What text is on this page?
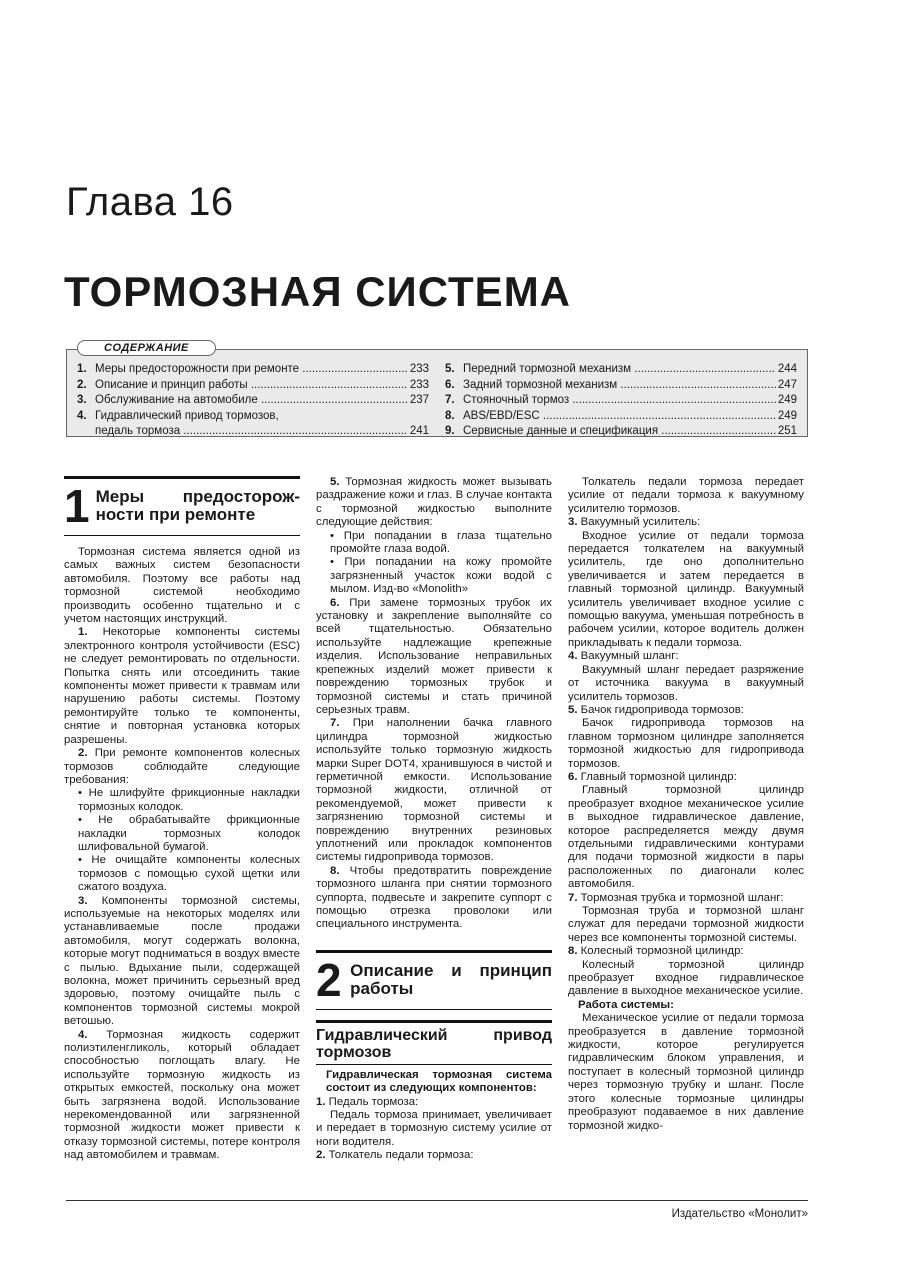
Глава 16
ТОРМОЗНАЯ СИСТЕМА
СОДЕРЖАНИЕ
1. Меры предосторожности при ремонте .....	233
2. Описание и принцип работы .....	233
3. Обслуживание на автомобиле .....	237
4. Гидравлический привод тормозов,
педаль тормоза .....	241
5. Передний тормозной механизм .....	244
6. Задний тормозной механизм .....	247
7. Стояночный тормоз .....	249
8. ABS/EBD/ESC .....	249
9. Сервисные данные и спецификация .....	251
1 Меры предосторож-ности при ремонте

Тормозная система является одной из самых важных систем безопасности автомобиля. Поэтому все работы над тормозной системой необходимо производить особенно тщательно и с учетом настоящих инструкций.

1. Некоторые компоненты системы электронного контроля устойчивости (ESC) не следует ремонтировать по отдельности. Попытка снять или отсоединить такие компоненты может привести к травмам или нарушению работы системы. Поэтому ремонтируйте только те компоненты, снятие и повторная установка которых разрешены.

2. При ремонте компонентов колесных тормозов соблюдайте следующие требования:

• Не шлифуйте фрикционные накладки тормозных колодок.

• Не обрабатывайте фрикционные накладки тормозных колодок шлифовальной бумагой.

• Не очищайте компоненты колесных тормозов с помощью сухой щетки или сжатого воздуха.

3. Компоненты тормозной системы, используемые на некоторых моделях или устанавливаемые после продажи автомобиля, могут содержать волокна, которые могут подниматься в воздух вместе с пылью. Вдыхание пыли, содержащей волокна, может причинить серьезный вред здоровью, поэтому очищайте пыль с компонентов тормозной системы мокрой ветошью.

4. Тормозная жидкость содержит полиэтиленгликоль, который обладает способностью поглощать влагу. Не используйте тормозную жидкость из открытых емкостей, поскольку она может быть загрязнена водой. Использование нерекомендованной или загрязненной тормозной жидкости может привести к отказу тормозной системы, потере контроля над автомобилем и травмам.

5. Тормозная жидкость может вызывать раздражение кожи и глаз. В случае контакта с тормозной жидкостью выполните следующие действия:

• При попадании в глаза тщательно промойте глаза водой.

• При попадании на кожу промойте загрязненный участок кожи водой с мылом. Изд-во «Monolith»

6. При замене тормозных трубок их установку и закрепление выполняйте со всей тщательностью. Обязательно используйте надлежащие крепежные изделия. Использование неправильных крепежных изделий может привести к повреждению тормозных трубок и тормозной системы и стать причиной серьезных травм.

7. При наполнении бачка главного цилиндра тормозной жидкостью используйте только тормозную жидкость марки Super DOT4, хранившуюся в чистой и герметичной емкости. Использование тормозной жидкости, отличной от рекомендуемой, может привести к загрязнению тормозной системы и повреждению внутренних резиновых уплотнений или прокладок компонентов системы гидропривода тормозов.

8. Чтобы предотвратить повреждение тормозного шланга при снятии тормозного суппорта, подвесьте и закрепите суппорт с помощью отрезка проволоки или специального инструмента.

2 Описание и принцип работы
Гидравлический привод тормозов

Гидравлическая тормозная система состоит из следующих компонентов:

1. Педаль тормоза:

Педаль тормоза принимает, увеличивает и передает в тормозную систему усилие от ноги водителя.

2. Толкатель педали тормоза:

Толкатель педали тормоза передает усилие от педали тормоза к вакуумному усилителю тормозов.

3. Вакуумный усилитель:

Входное усилие от педали тормоза передается толкателем на вакуумный усилитель, где оно дополнительно увеличивается и затем передается в главный тормозной цилиндр. Вакуумный усилитель увеличивает входное усилие с помощью вакуума, уменьшая потребность в рабочем усилии, которое водитель должен прикладывать к педали тормоза.

4. Вакуумный шланг:

Вакуумный шланг передает разряжение от источника вакуума в вакуумный усилитель тормозов.

5. Бачок гидропривода тормозов:

Бачок гидропривода тормозов на главном тормозном цилиндре заполняется тормозной жидкостью для гидропривода тормозов.

6. Главный тормозной цилиндр:

Главный тормозной цилиндр преобразует входное механическое усилие в выходное гидравлическое давление, которое распределяется между двумя отдельными гидравлическими контурами для подачи тормозной жидкости в пары расположенных по диагонали колес автомобиля.

7. Тормозная трубка и тормозной шланг:

Тормозная труба и тормозной шланг служат для передачи тормозной жидкости через все компоненты тормозной системы.

8. Колесный тормозной цилиндр:

Колесный тормозной цилиндр преобразует входное гидравлическое давление в выходное механическое усилие.

Работа системы:

Механическое усилие от педали тормоза преобразуется в давление тормозной жидкости, которое регулируется гидравлическим блоком управления, и поступает в колесный тормозной цилиндр через тормозную трубку и шланг. После этого колесные тормозные цилиндры преобразуют подаваемое в них давление тормозной жидко-

Издательство «Монолит»
